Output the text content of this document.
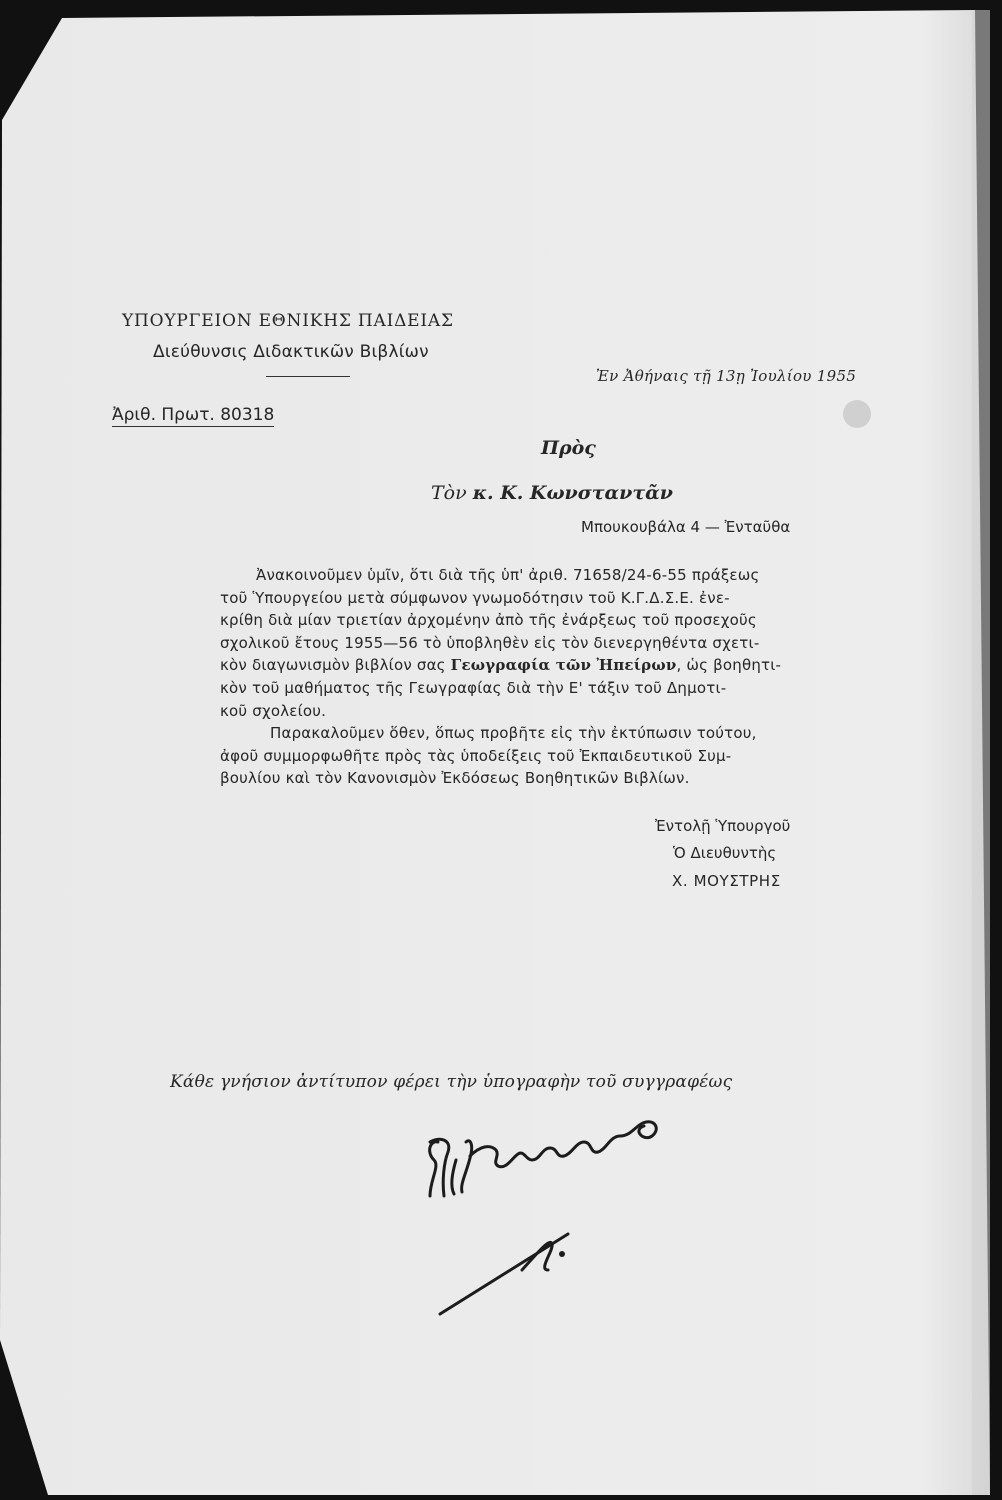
ΥΠΟΥΡΓΕΙΟΝ ΕΘΝΙΚΗΣ ΠΑΙΔΕΙΑΣ
Διεύθυνσις Διδακτικῶν Βιβλίων
Ἀριθ. Πρωτ. 80318
Ἐν Ἀθήναις τῇ 13ῃ Ἰουλίου 1955
Πρὸς
Τὸν κ. Κ. Κωνσταντᾶν
Μπουκουβάλα 4 — Ἐνταῦθα
Ἀνακοινοῦμεν ὑμῖν, ὅτι διὰ τῆς ὑπ' ἀριθ. 71658/24-6-55 πράξεως
τοῦ Ὑπουργείου μετὰ σύμφωνον γνωμοδότησιν τοῦ Κ.Γ.Δ.Σ.Ε. ἐνε-
κρίθη διὰ μίαν τριετίαν ἀρχομένην ἀπὸ τῆς ἐνάρξεως τοῦ προσεχοῦς
σχολικοῦ ἔτους 1955—56 τὸ ὑποβληθὲν εἰς τὸν διενεργηθέντα σχετι-
κὸν διαγωνισμὸν βιβλίον σας Γεωγραφία τῶν Ἠπείρων, ὡς βοηθητι-
κὸν τοῦ μαθήματος τῆς Γεωγραφίας διὰ τὴν Ε' τάξιν τοῦ Δημοτι-
κοῦ σχολείου.
Παρακαλοῦμεν ὅθεν, ὅπως προβῆτε εἰς τὴν ἐκτύπωσιν τούτου,
ἀφοῦ συμμορφωθῆτε πρὸς τὰς ὑποδείξεις τοῦ Ἐκπαιδευτικοῦ Συμ-
βουλίου καὶ τὸν Κανονισμὸν Ἐκδόσεως Βοηθητικῶν Βιβλίων.
Ἐντολῇ Ὑπουργοῦ
Ὁ Διευθυντὴς
Χ. ΜΟΥΣΤΡΗΣ
Κάθε γνήσιον ἀντίτυπον φέρει τὴν ὑπογραφὴν τοῦ συγγραφέως
